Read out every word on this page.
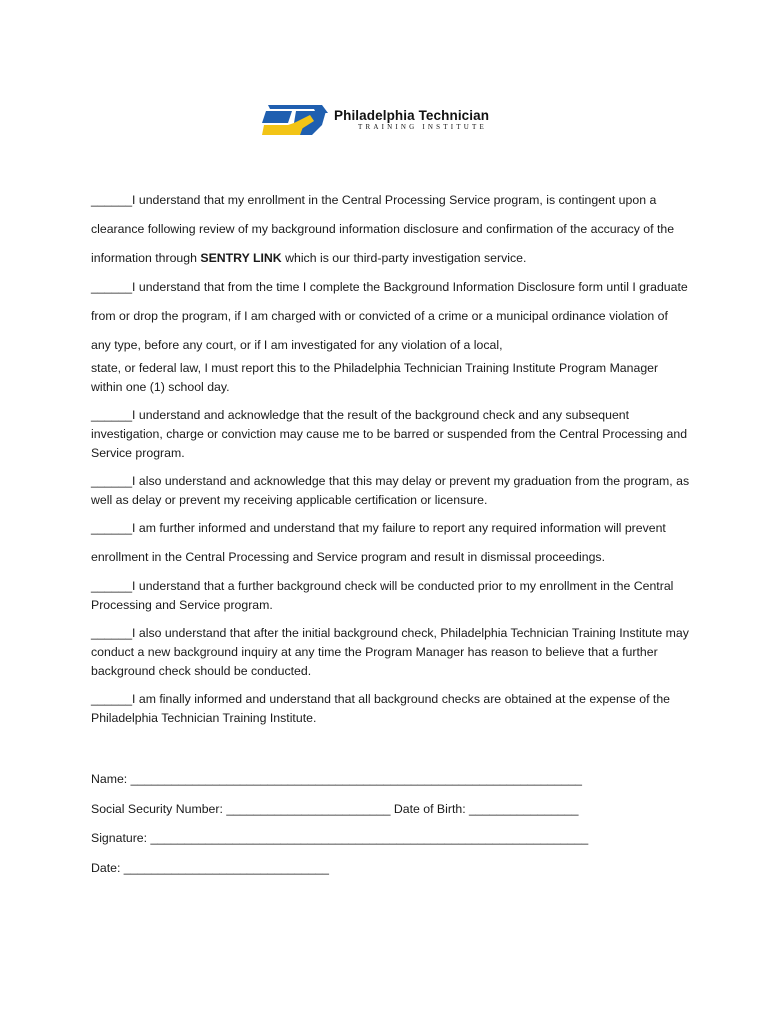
Philadelphia Technician
TRAINING INSTITUTE

______I understand that my enrollment in the Central Processing Service program, is contingent upon a clearance following review of my background information disclosure and confirmation of the accuracy of the information through SENTRY LINK which is our third-party investigation service.

______I understand that from the time I complete the Background Information Disclosure form until I graduate from or drop the program, if I am charged with or convicted of a crime or a municipal ordinance violation of any type, before any court, or if I am investigated for any violation of a local,
state, or federal law, I must report this to the Philadelphia Technician Training Institute Program Manager within one (1) school day.

______I understand and acknowledge that the result of the background check and any subsequent investigation, charge or conviction may cause me to be barred or suspended from the Central Processing and Service program.

______I also understand and acknowledge that this may delay or prevent my graduation from the program, as well as delay or prevent my receiving applicable certification or licensure.

______I am further informed and understand that my failure to report any required information will prevent enrollment in the Central Processing and Service program and result in dismissal proceedings.

______I understand that a further background check will be conducted prior to my enrollment in the Central Processing and Service program.

______I also understand that after the initial background check, Philadelphia Technician Training Institute may conduct a new background inquiry at any time the Program Manager has reason to believe that a further background check should be conducted.

______I am finally informed and understand that all background checks are obtained at the expense of the Philadelphia Technician Training Institute.

Name: __________________________________________________________________
Social Security Number: ________________________ Date of Birth: ________________
Signature: ________________________________________________________________
Date: ______________________________
